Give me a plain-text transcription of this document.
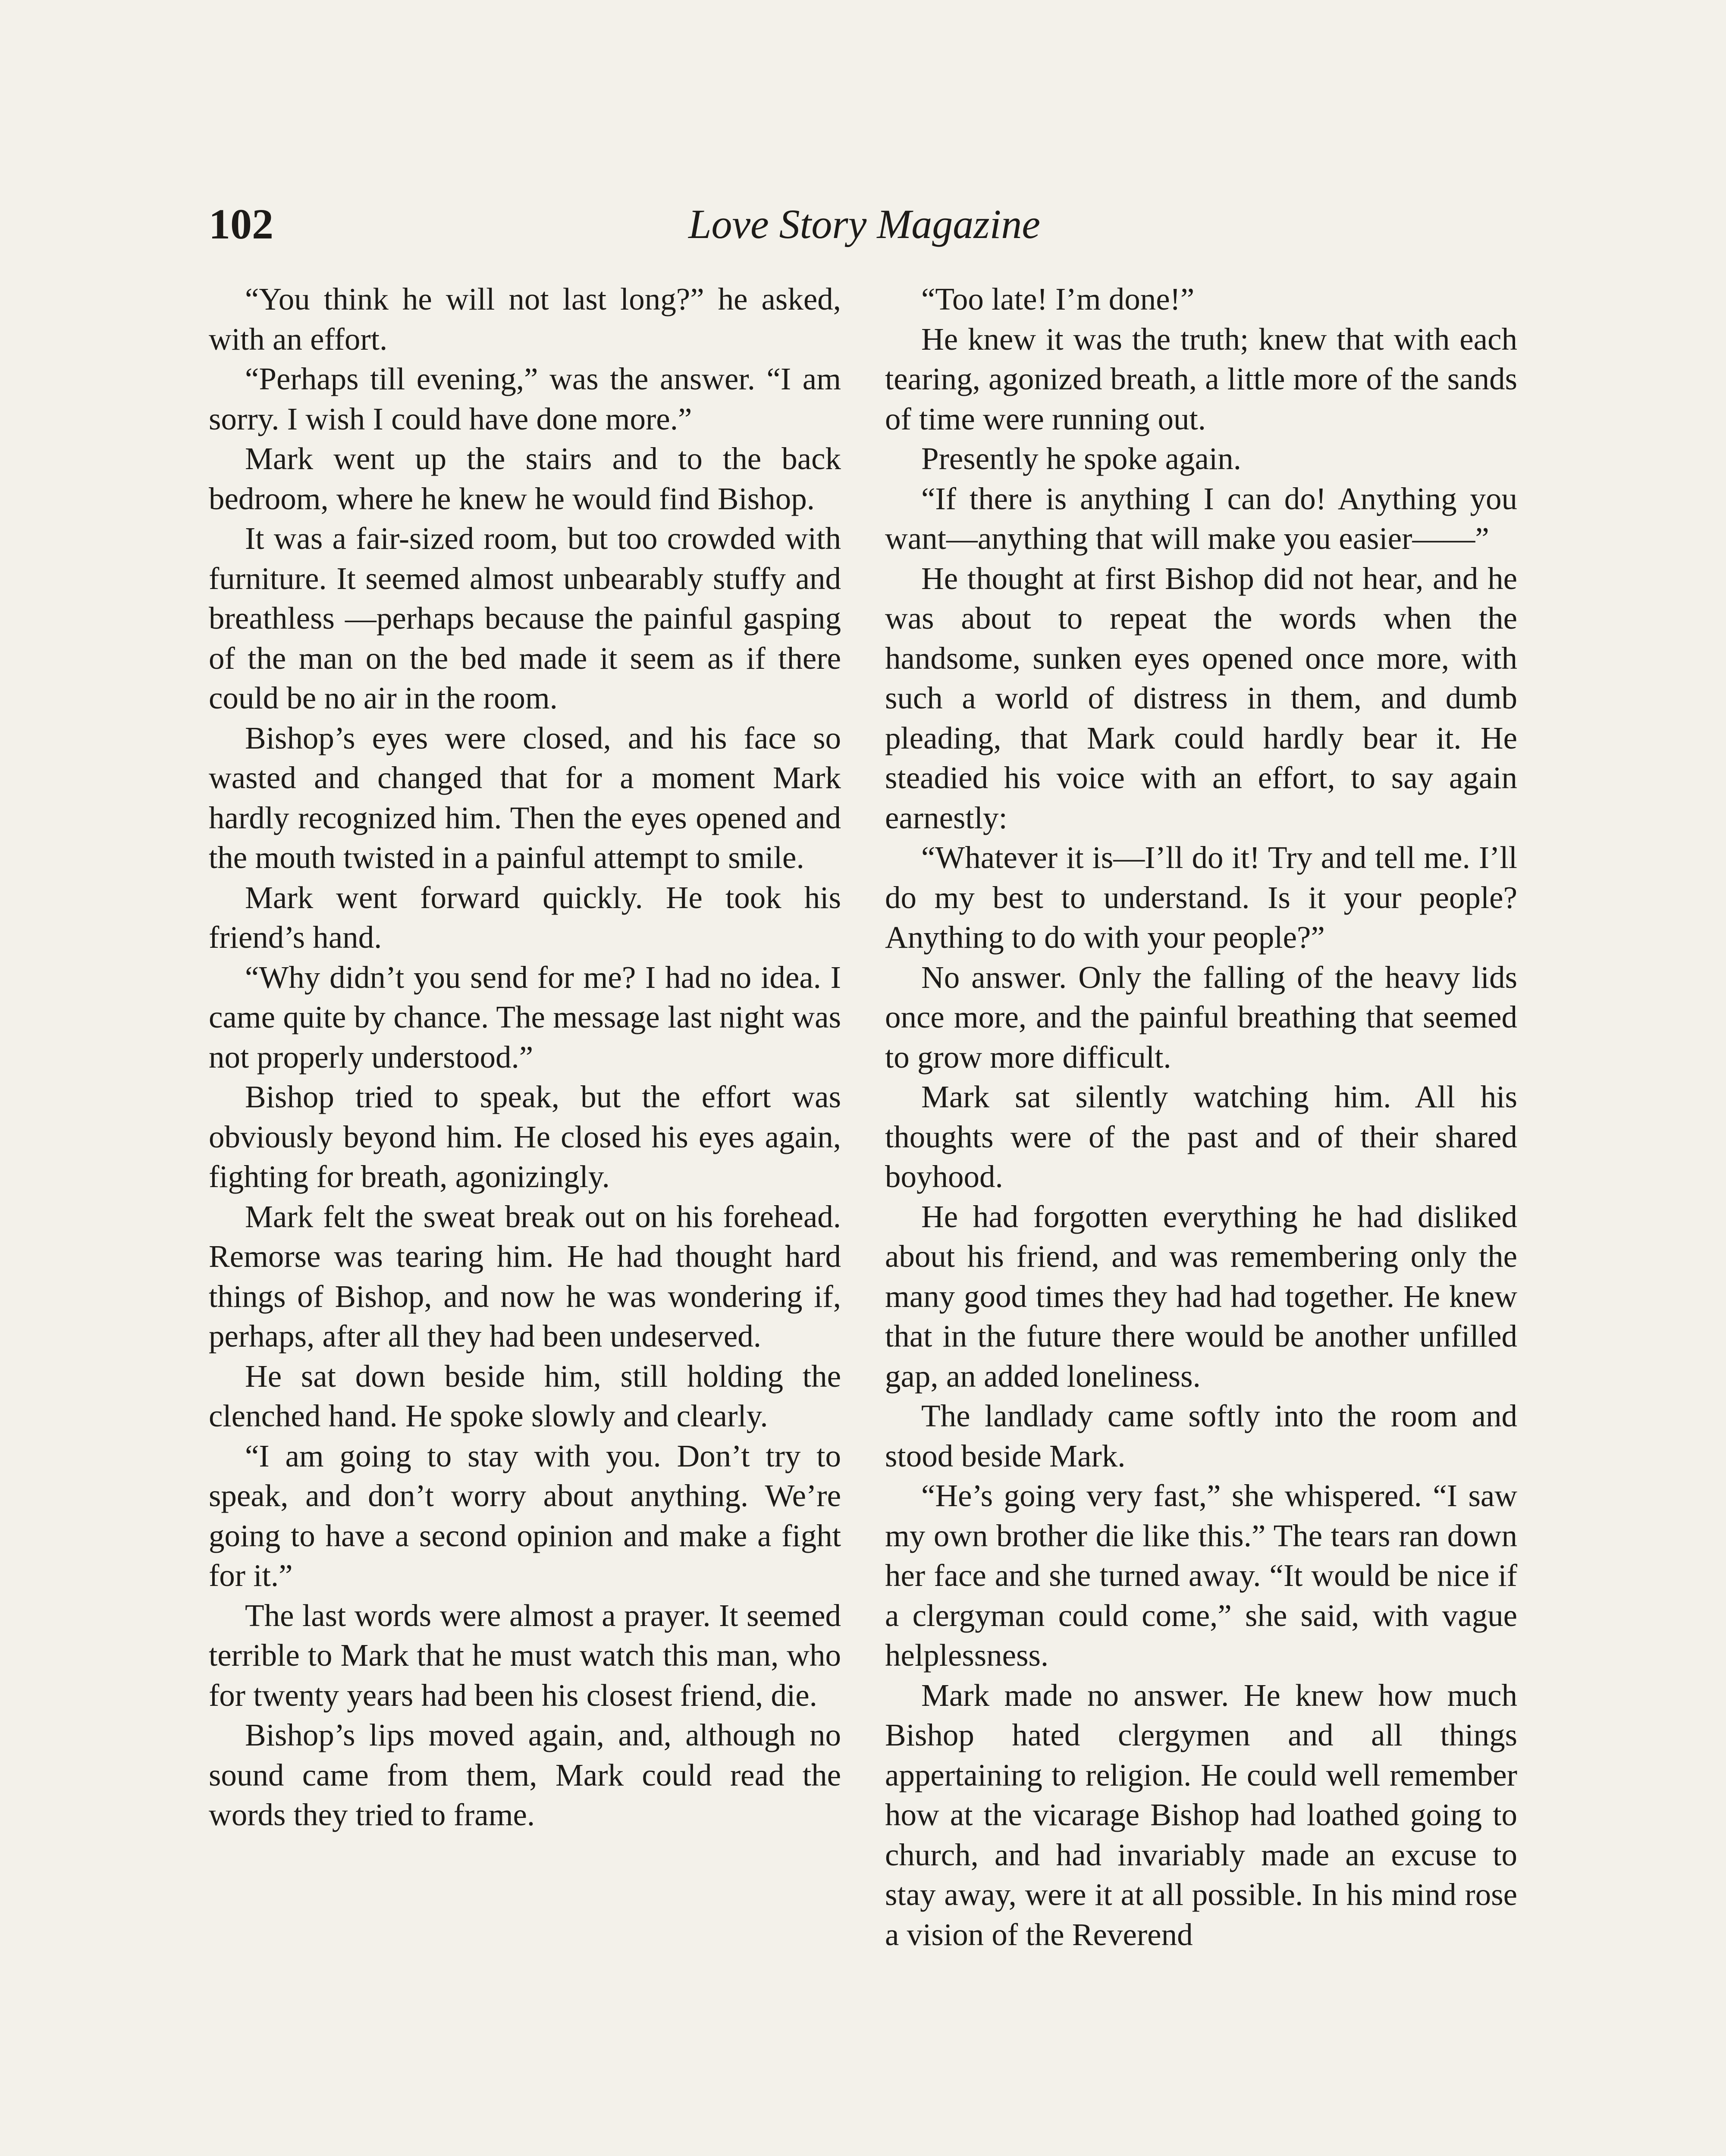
102	Love Story Magazine

“You think he will not last long?” he asked, with an effort.

“Perhaps till evening,” was the answer. “I am sorry. I wish I could have done more.”

Mark went up the stairs and to the back bedroom, where he knew he would find Bishop.

It was a fair-sized room, but too crowded with furniture. It seemed almost unbearably stuffy and breathless —perhaps because the painful gasping of the man on the bed made it seem as if there could be no air in the room.

Bishop’s eyes were closed, and his face so wasted and changed that for a moment Mark hardly recognized him. Then the eyes opened and the mouth twisted in a painful attempt to smile.

Mark went forward quickly. He took his friend’s hand.

“Why didn’t you send for me? I had no idea. I came quite by chance. The message last night was not properly understood.”

Bishop tried to speak, but the effort was obviously beyond him. He closed his eyes again, fighting for breath, agonizingly.

Mark felt the sweat break out on his forehead. Remorse was tearing him. He had thought hard things of Bishop, and now he was wondering if, perhaps, after all they had been undeserved.

He sat down beside him, still holding the clenched hand. He spoke slowly and clearly.

“I am going to stay with you. Don’t try to speak, and don’t worry about anything. We’re going to have a second opinion and make a fight for it.”

The last words were almost a prayer. It seemed terrible to Mark that he must watch this man, who for twenty years had been his closest friend, die.

Bishop’s lips moved again, and, although no sound came from them, Mark could read the words they tried to frame.

“Too late! I’m done!”

He knew it was the truth; knew that with each tearing, agonized breath, a little more of the sands of time were running out.

Presently he spoke again.

“If there is anything I can do! Anything you want—anything that will make you easier——”

He thought at first Bishop did not hear, and he was about to repeat the words when the handsome, sunken eyes opened once more, with such a world of distress in them, and dumb pleading, that Mark could hardly bear it. He steadied his voice with an effort, to say again earnestly:

“Whatever it is—I’ll do it! Try and tell me. I’ll do my best to understand. Is it your people? Anything to do with your people?”

No answer. Only the falling of the heavy lids once more, and the painful breathing that seemed to grow more difficult.

Mark sat silently watching him. All his thoughts were of the past and of their shared boyhood.

He had forgotten everything he had disliked about his friend, and was remembering only the many good times they had had together. He knew that in the future there would be another unfilled gap, an added loneliness.

The landlady came softly into the room and stood beside Mark.

“He’s going very fast,” she whispered. “I saw my own brother die like this.” The tears ran down her face and she turned away. “It would be nice if a clergyman could come,” she said, with vague helplessness.

Mark made no answer. He knew how much Bishop hated clergymen and all things appertaining to religion. He could well remember how at the vicarage Bishop had loathed going to church, and had invariably made an excuse to stay away, were it at all possible. In his mind rose a vision of the Reverend
